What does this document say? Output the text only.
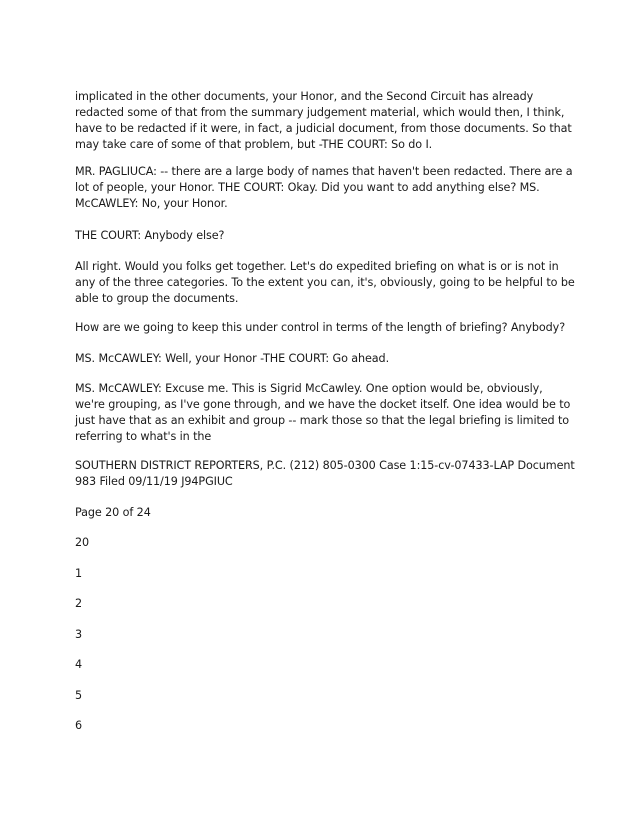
implicated in the other documents, your Honor, and the Second Circuit has already redacted some of that from the summary judgement material, which would then, I think, have to be redacted if it were, in fact, a judicial document, from those documents. So that may take care of some of that problem, but -THE COURT: So do I.

MR. PAGLIUCA: -- there are a large body of names that haven't been redacted. There are a lot of people, your Honor. THE COURT: Okay. Did you want to add anything else? MS. McCAWLEY: No, your Honor.

THE COURT: Anybody else?

All right. Would you folks get together. Let's do expedited briefing on what is or is not in any of the three categories. To the extent you can, it's, obviously, going to be helpful to be able to group the documents.

How are we going to keep this under control in terms of the length of briefing? Anybody?

MS. McCAWLEY: Well, your Honor -THE COURT: Go ahead.

MS. McCAWLEY: Excuse me. This is Sigrid McCawley. One option would be, obviously, we're grouping, as I've gone through, and we have the docket itself. One idea would be to just have that as an exhibit and group -- mark those so that the legal briefing is limited to referring to what's in the

SOUTHERN DISTRICT REPORTERS, P.C. (212) 805-0300 Case 1:15-cv-07433-LAP Document 983 Filed 09/11/19 J94PGIUC

Page 20 of 24

20

1

2

3

4

5

6
